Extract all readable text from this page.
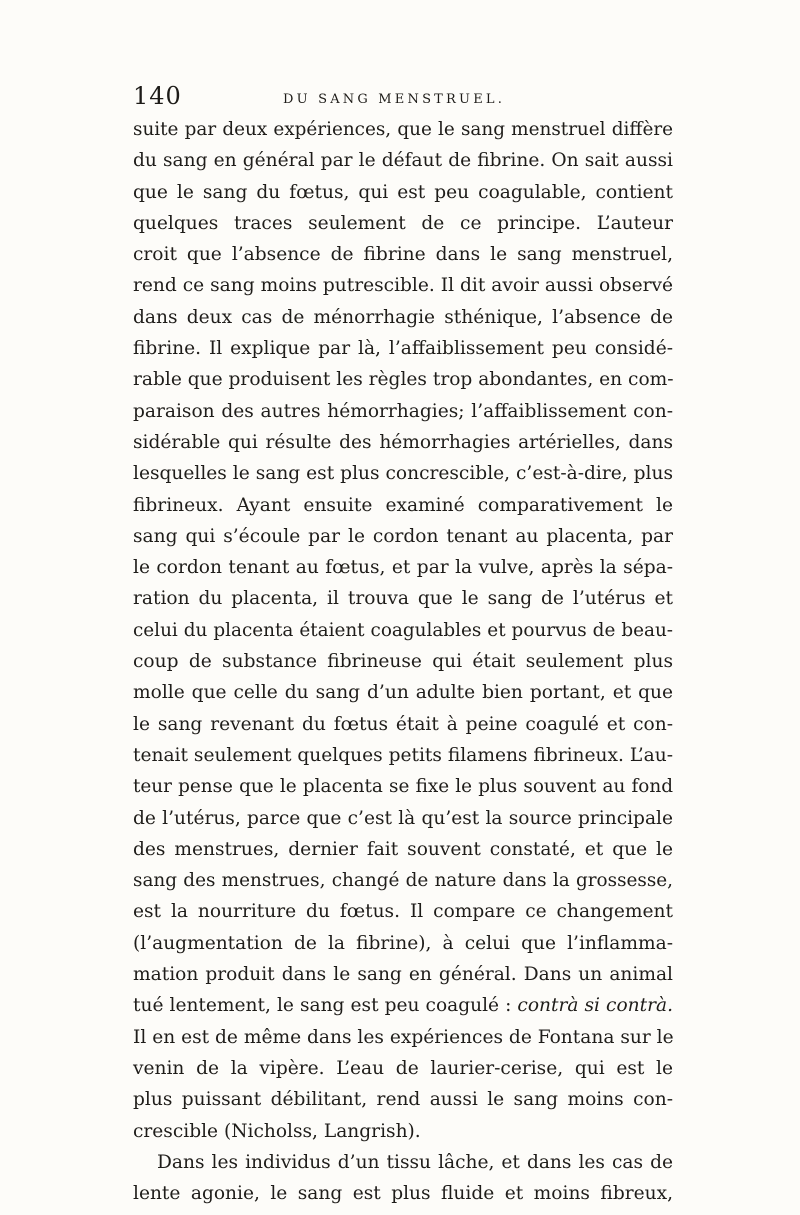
140	DU SANG MENSTRUEL.
suite par deux expériences, que le sang menstruel diffère
du sang en général par le défaut de fibrine. On sait aussi
que le sang du fœtus, qui est peu coagulable, contient
quelques traces seulement de ce principe. L’auteur
croit que l’absence de fibrine dans le sang menstruel,
rend ce sang moins putrescible. Il dit avoir aussi observé
dans deux cas de ménorrhagie sthénique, l’absence de
fibrine. Il explique par là, l’affaiblissement peu considé-
rable que produisent les règles trop abondantes, en com-
paraison des autres hémorrhagies; l’affaiblissement con-
sidérable qui résulte des hémorrhagies artérielles, dans
lesquelles le sang est plus concrescible, c’est-à-dire, plus
fibrineux. Ayant ensuite examiné comparativement le
sang qui s’écoule par le cordon tenant au placenta, par
le cordon tenant au fœtus, et par la vulve, après la sépa-
ration du placenta, il trouva que le sang de l’utérus et
celui du placenta étaient coagulables et pourvus de beau-
coup de substance fibrineuse qui était seulement plus
molle que celle du sang d’un adulte bien portant, et que
le sang revenant du fœtus était à peine coagulé et con-
tenait seulement quelques petits filamens fibrineux. L’au-
teur pense que le placenta se fixe le plus souvent au fond
de l’utérus, parce que c’est là qu’est la source principale
des menstrues, dernier fait souvent constaté, et que le
sang des menstrues, changé de nature dans la grossesse,
est la nourriture du fœtus. Il compare ce changement
(l’augmentation de la fibrine), à celui que l’inflamma-
mation produit dans le sang en général. Dans un animal
tué lentement, le sang est peu coagulé : contrà si contrà.
Il en est de même dans les expériences de Fontana sur le
venin de la vipère. L’eau de laurier-cerise, qui est le
plus puissant débilitant, rend aussi le sang moins con-
crescible (Nicholss, Langrish).
Dans les individus d’un tissu lâche, et dans les cas de
lente agonie, le sang est plus fluide et moins fibreux,
